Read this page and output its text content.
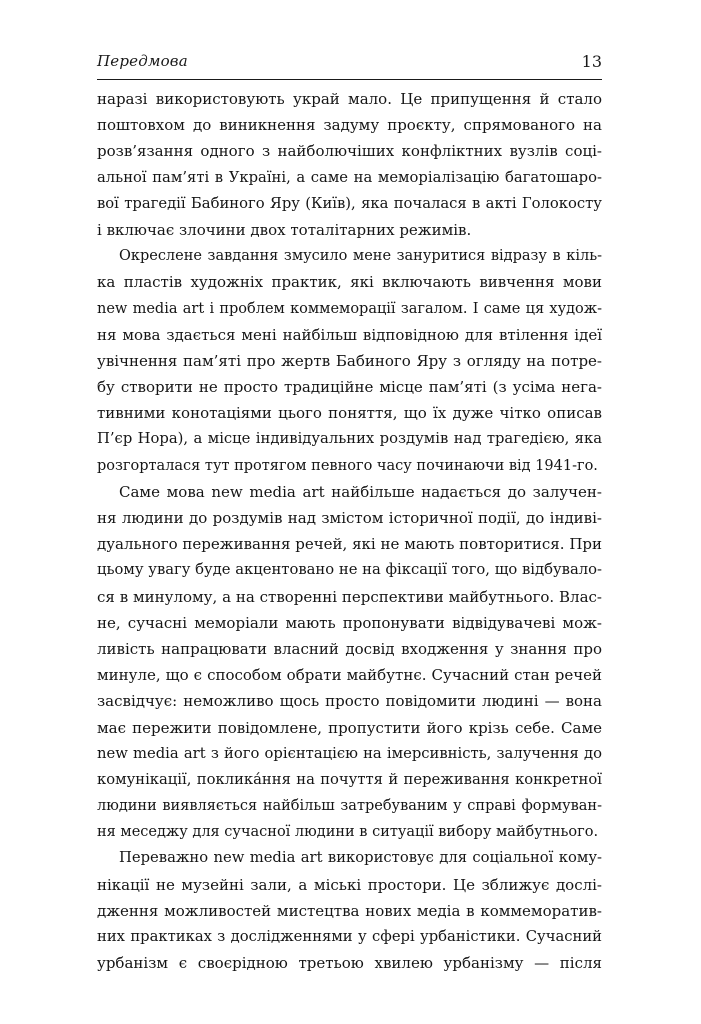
Передмова	13
наразі використовують украй мало. Це припущення й стало
поштовхом до виникнення задуму проєкту, спрямованого на
розв’язання одного з найболючіших конфліктних вузлів соці-
альної пам’яті в Україні, а саме на меморіалізацію багатошаро-
вої трагедії Бабиного Яру (Київ), яка почалася в акті Голокосту
і включає злочини двох тоталітарних режимів.
Окреслене завдання змусило мене зануритися відразу в кіль-
ка пластів художніх практик, які включають вивчення мови
new media art і проблем коммеморації загалом. І саме ця худож-
ня мова здається мені найбільш відповідною для втілення ідеї
увічнення пам’яті про жертв Бабиного Яру з огляду на потре-
бу створити не просто традиційне місце пам’яті (з усіма нега-
тивними конотаціями цього поняття, що їх дуже чітко описав
П’єр Нора), а місце індивідуальних роздумів над трагедією, яка
розгорталася тут протягом певного часу починаючи від 1941-го.
Саме мова new media art найбільше надається до залучен-
ня людини до роздумів над змістом історичної події, до індиві-
дуального переживання речей, які не мають повторитися. При
цьому увагу буде акцентовано не на фіксації того, що відбувало-
ся в минулому, а на створенні перспективи майбутнього. Влас-
не, сучасні меморіали мають пропонувати відвідувачеві мож-
ливість напрацювати власний досвід входження у знання про
минуле, що є способом обрати майбутнє. Сучасний стан речей
засвідчує: неможливо щось просто повідомити людині — вона
має пережити повідомлене, пропустити його крізь себе. Саме
new media art з його орієнтацією на імерсивність, залучення до
комунікації, поклика́ння на почуття й переживання конкретної
людини виявляється найбільш затребуваним у справі формуван-
ня меседжу для сучасної людини в ситуації вибору майбутнього.
Переважно new media art використовує для соціальної кому-
нікації не музейні зали, а міські простори. Це зближує дослі-
дження можливостей мистецтва нових медіа в коммеморатив-
них практиках з дослідженнями у сфері урбаністики. Сучасний
урбанізм є своєрідною третьою хвилею урбанізму — після
